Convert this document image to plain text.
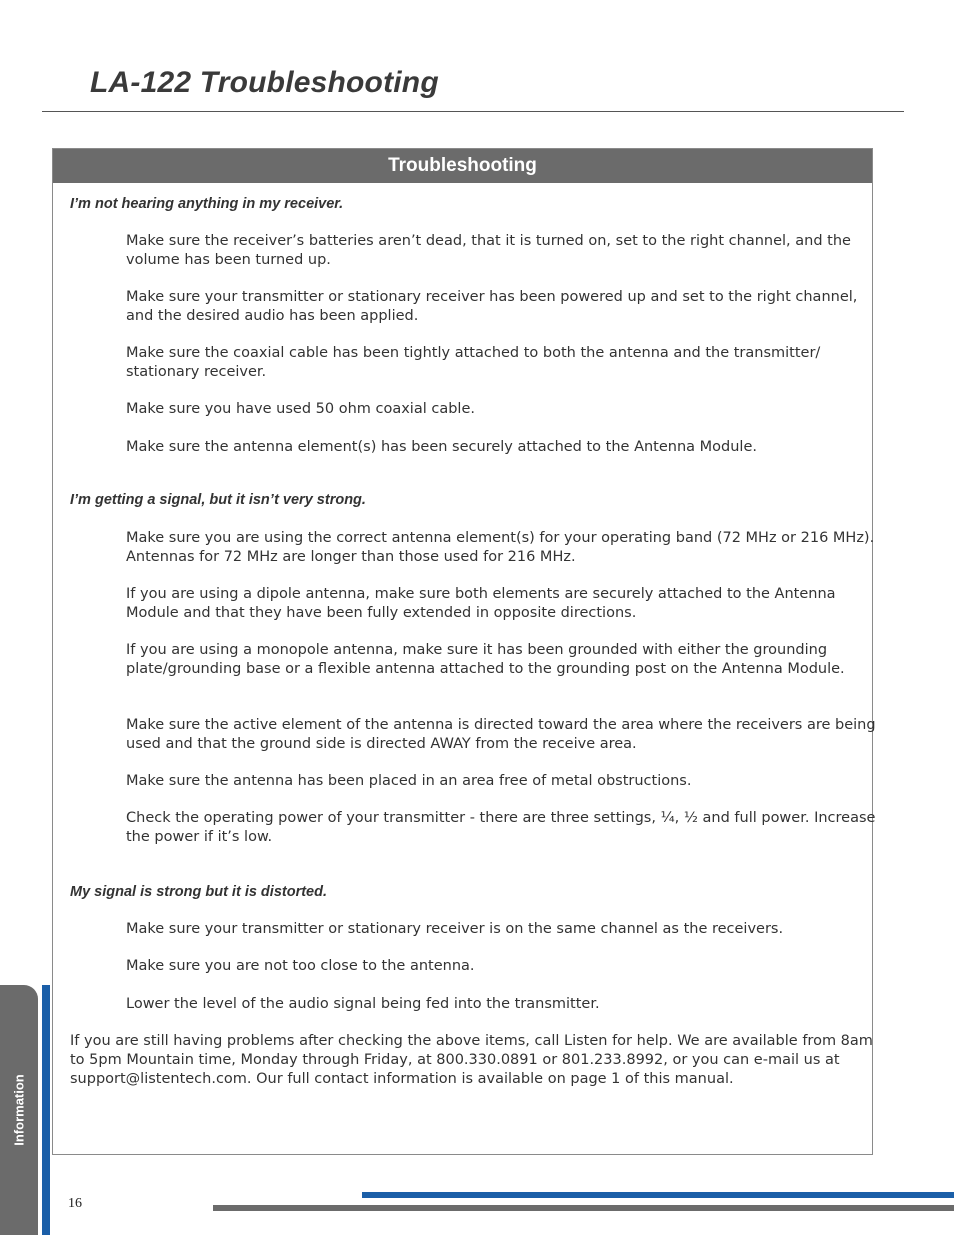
LA-122 Troubleshooting
Troubleshooting

I’m not hearing anything in my receiver.

Make sure the receiver’s batteries aren’t dead, that it is turned on, set to the right channel, and the volume has been turned up.

Make sure your transmitter or stationary receiver has been powered up and set to the right channel, and the desired audio has been applied.

Make sure the coaxial cable has been tightly attached to both the antenna and the transmitter/ stationary receiver.

Make sure you have used 50 ohm coaxial cable.

Make sure the antenna element(s) has been securely attached to the Antenna Module.

I’m getting a signal, but it isn’t very strong.

Make sure you are using the correct antenna element(s) for your operating band (72 MHz or 216 MHz). Antennas for 72 MHz are longer than those used for 216 MHz.

If you are using a dipole antenna, make sure both elements are securely attached to the Antenna Module and that they have been fully extended in opposite directions.

If you are using a monopole antenna, make sure it has been grounded with either the grounding plate/grounding base or a flexible antenna attached to the grounding post on the Antenna Module.

Make sure the active element of the antenna is directed toward the area where the receivers are being used and that the ground side is directed AWAY from the receive area.

Make sure the antenna has been placed in an area free of metal obstructions.

Check the operating power of your transmitter - there are three settings, ¼, ½ and full power. Increase the power if it’s low.

My signal is strong but it is distorted.

Make sure your transmitter or stationary receiver is on the same channel as the receivers.

Make sure you are not too close to the antenna.

Lower the level of the audio signal being fed into the transmitter.

If you are still having problems after checking the above items, call Listen for help. We are available from 8am to 5pm Mountain time, Monday through Friday, at 800.330.0891 or 801.233.8992, or you can e-mail us at support@listentech.com. Our full contact information is available on page 1 of this manual.

Information
16
